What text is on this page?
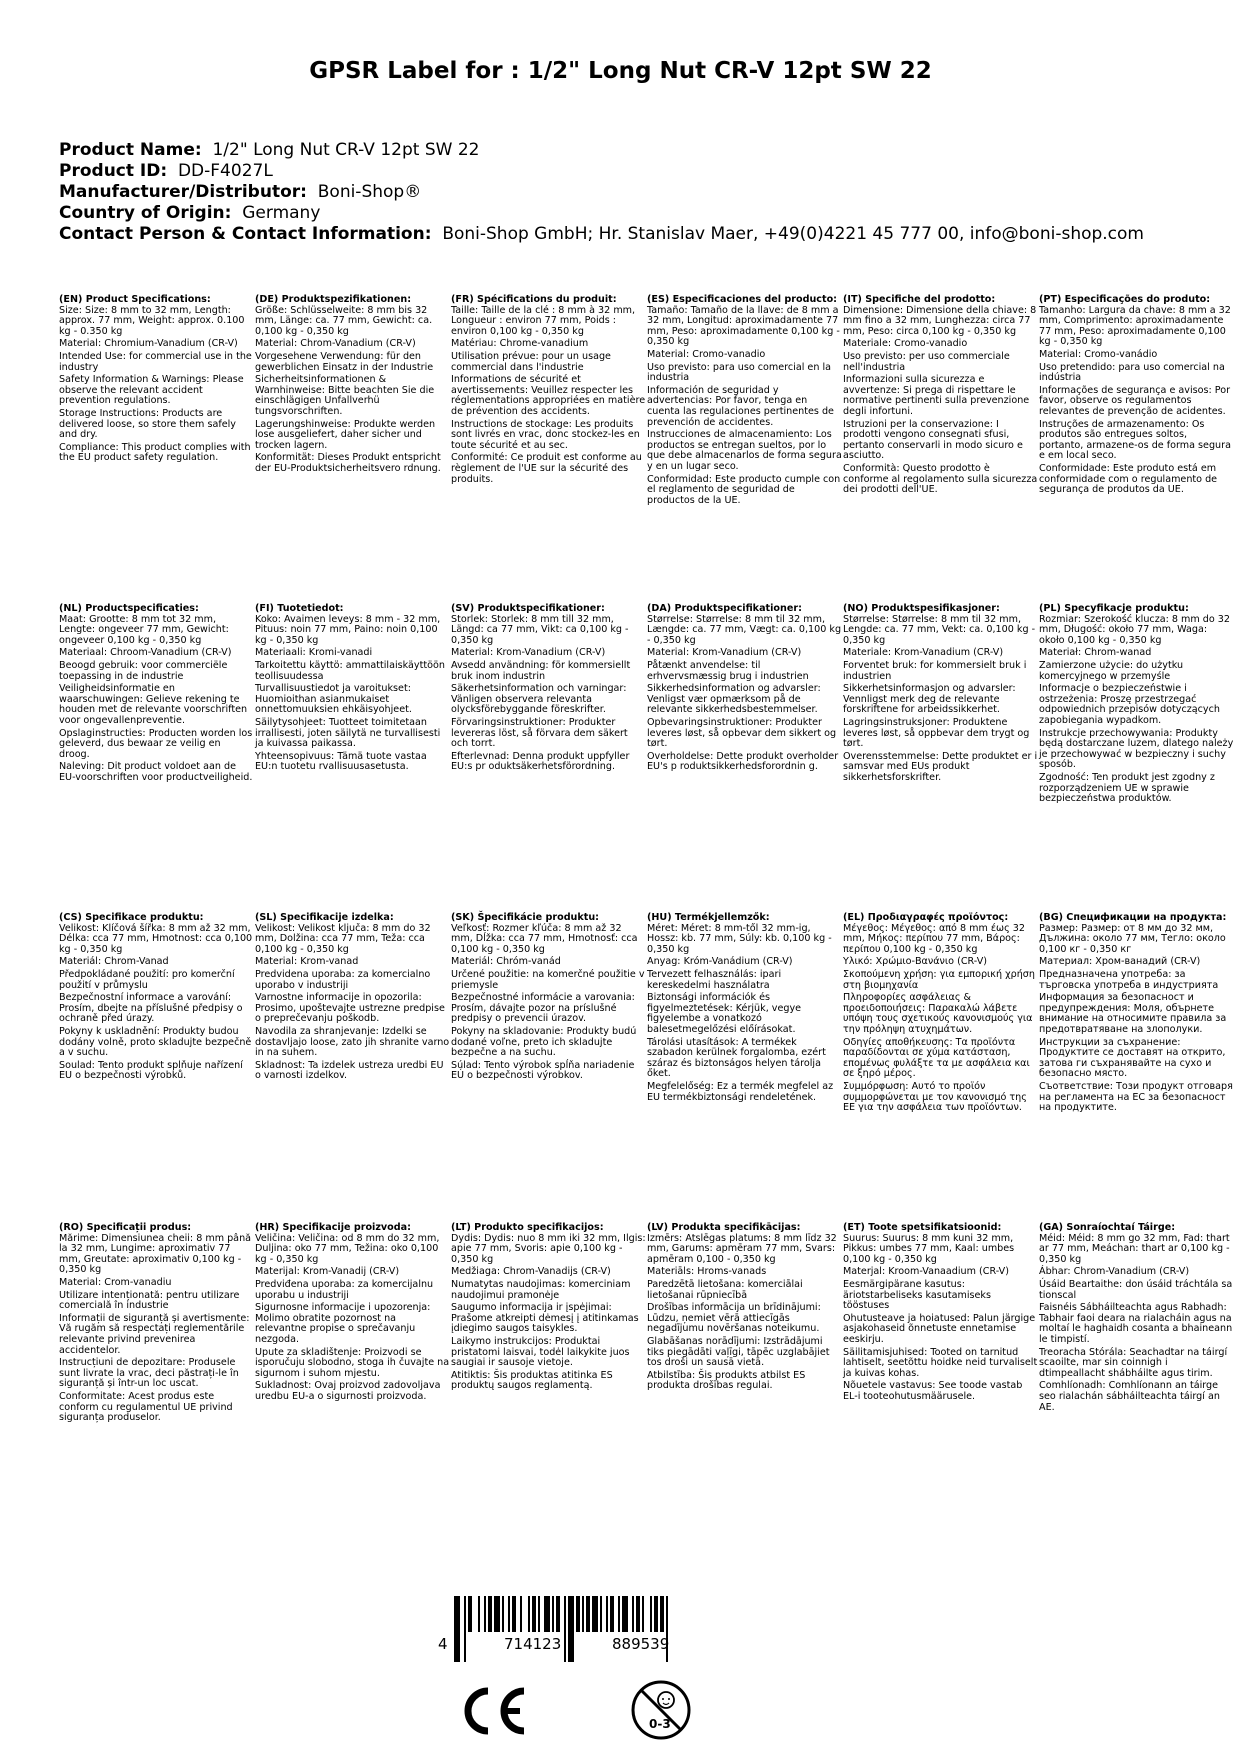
GPSR Label for : 1/2" Long Nut CR-V 12pt SW 22
Product Name: 1/2" Long Nut CR-V 12pt SW 22
Product ID: DD-F4027L
Manufacturer/Distributor: Boni-Shop®
Country of Origin: Germany
Contact Person & Contact Information: Boni-Shop GmbH; Hr. Stanislav Maer, +49(0)4221 45 777 00, info@boni-shop.com
(EN) Product Specifications:

Size: Size: 8 mm to 32 mm, Length: approx. 77 mm, Weight: approx. 0.100 kg - 0.350 kg

Material: Chromium-Vanadium (CR-V)

Intended Use: for commercial use in the industry

Safety Information & Warnings: Please observe the relevant accident prevention regulations.

Storage Instructions: Products are delivered loose, so store them safely and dry.

Compliance: This product complies with the EU product safety regulation.

(DE) Produktspezifikationen:

Größe: Schlüsselweite: 8 mm bis 32 mm, Länge: ca. 77 mm, Gewicht: ca. 0,100 kg - 0,350 kg

Material: Chrom-Vanadium (CR-V)

Vorgesehene Verwendung: für den gewerblichen Einsatz in der Industrie

Sicherheitsinformationen & Warnhinweise: Bitte beachten Sie die einschlägigen Unfallverhü tungsvorschriften.

Lagerungshinweise: Produkte werden lose ausgeliefert, daher sicher und trocken lagern.

Konformität: Dieses Produkt entspricht der EU-Produktsicherheitsvero rdnung.

(FR) Spécifications du produit:

Taille: Taille de la clé : 8 mm à 32 mm, Longueur : environ 77 mm, Poids : environ 0,100 kg - 0,350 kg

Matériau: Chrome-vanadium

Utilisation prévue: pour un usage commercial dans l'industrie

Informations de sécurité et avertissements: Veuillez respecter les réglementations appropriées en matière de prévention des accidents.

Instructions de stockage: Les produits sont livrés en vrac, donc stockez-les en toute sécurité et au sec.

Conformité: Ce produit est conforme au règlement de l'UE sur la sécurité des produits.

(ES) Especificaciones del producto:

Tamaño: Tamaño de la llave: de 8 mm a 32 mm, Longitud: aproximadamente 77 mm, Peso: aproximadamente 0,100 kg - 0,350 kg

Material: Cromo-vanadio

Uso previsto: para uso comercial en la industria

Información de seguridad y advertencias: Por favor, tenga en cuenta las regulaciones pertinentes de prevención de accidentes.

Instrucciones de almacenamiento: Los productos se entregan sueltos, por lo que debe almacenarlos de forma segura y en un lugar seco.

Conformidad: Este producto cumple con el reglamento de seguridad de productos de la UE.

(IT) Specifiche del prodotto:

Dimensione: Dimensione della chiave: 8 mm fino a 32 mm, Lunghezza: circa 77 mm, Peso: circa 0,100 kg - 0,350 kg

Materiale: Cromo-vanadio

Uso previsto: per uso commerciale nell'industria

Informazioni sulla sicurezza e avvertenze: Si prega di rispettare le normative pertinenti sulla prevenzione degli infortuni.

Istruzioni per la conservazione: I prodotti vengono consegnati sfusi, pertanto conservarli in modo sicuro e asciutto.

Conformità: Questo prodotto è conforme al regolamento sulla sicurezza dei prodotti dell'UE.

(PT) Especificações do produto:

Tamanho: Largura da chave: 8 mm a 32 mm, Comprimento: aproximadamente 77 mm, Peso: aproximadamente 0,100 kg - 0,350 kg

Material: Cromo-vanádio

Uso pretendido: para uso comercial na indústria

Informações de segurança e avisos: Por favor, observe os regulamentos relevantes de prevenção de acidentes.

Instruções de armazenamento: Os produtos são entregues soltos, portanto, armazene-os de forma segura e em local seco.

Conformidade: Este produto está em conformidade com o regulamento de segurança de produtos da UE.

(NL) Productspecificaties:

Maat: Grootte: 8 mm tot 32 mm, Lengte: ongeveer 77 mm, Gewicht: ongeveer 0,100 kg - 0,350 kg

Materiaal: Chroom-Vanadium (CR-V)

Beoogd gebruik: voor commerciële toepassing in de industrie

Veiligheidsinformatie en waarschuwingen: Gelieve rekening te houden met de relevante voorschriften voor ongevallenpreventie.

Opslaginstructies: Producten worden los geleverd, dus bewaar ze veilig en droog.

Naleving: Dit product voldoet aan de EU-voorschriften voor productveiligheid.

(FI) Tuotetiedot:

Koko: Avaimen leveys: 8 mm - 32 mm, Pituus: noin 77 mm, Paino: noin 0,100 kg - 0,350 kg

Materiaali: Kromi-vanadi

Tarkoitettu käyttö: ammattilaiskäyttöön teollisuudessa

Turvallisuustiedot ja varoitukset: Huomioithan asianmukaiset onnettomuuksien ehkäisyohjeet.

Säilytysohjeet: Tuotteet toimitetaan irrallisesti, joten säilytä ne turvallisesti ja kuivassa paikassa.

Yhteensopivuus: Tämä tuote vastaa EU:n tuotetu rvallisuusasetusta.

(SV) Produktspecifikationer:

Storlek: Storlek: 8 mm till 32 mm, Längd: ca 77 mm, Vikt: ca 0,100 kg - 0,350 kg

Material: Krom-Vanadium (CR-V)

Avsedd användning: för kommersiellt bruk inom industrin

Säkerhetsinformation och varningar: Vänligen observera relevanta olycksförebyggande föreskrifter.

Förvaringsinstruktioner: Produkter levereras löst, så förvara dem säkert och torrt.

Efterlevnad: Denna produkt uppfyller EU:s pr oduktsäkerhetsförordning.

(DA) Produktspecifikationer:

Størrelse: Størrelse: 8 mm til 32 mm, Længde: ca. 77 mm, Vægt: ca. 0,100 kg - 0,350 kg

Material: Krom-Vanadium (CR-V)

Påtænkt anvendelse: til erhvervsmæssig brug i industrien

Sikkerhedsinformation og advarsler: Venligst vær opmærksom på de relevante sikkerhedsbestemmelser.

Opbevaringsinstruktioner: Produkter leveres løst, så opbevar dem sikkert og tørt.

Overholdelse: Dette produkt overholder EU's p roduktsikkerhedsforordnin g.

(NO) Produktspesifikasjoner:

Størrelse: Størrelse: 8 mm til 32 mm, Lengde: ca. 77 mm, Vekt: ca. 0,100 kg - 0,350 kg

Materiale: Krom-Vanadium (CR-V)

Forventet bruk: for kommersielt bruk i industrien

Sikkerhetsinformasjon og advarsler: Vennligst merk deg de relevante forskriftene for arbeidssikkerhet.

Lagringsinstruksjoner: Produktene leveres løst, så oppbevar dem trygt og tørt.

Overensstemmelse: Dette produktet er i samsvar med EUs produkt sikkerhetsforskrifter.

(PL) Specyfikacje produktu:

Rozmiar: Szerokość klucza: 8 mm do 32 mm, Długość: około 77 mm, Waga: około 0,100 kg - 0,350 kg

Materiał: Chrom-wanad

Zamierzone użycie: do użytku komercyjnego w przemyśle

Informacje o bezpieczeństwie i ostrzeżenia: Proszę przestrzegać odpowiednich przepisów dotyczących zapobiegania wypadkom.

Instrukcje przechowywania: Produkty będą dostarczane luzem, dlatego należy je przechowywać w bezpieczny i suchy sposób.

Zgodność: Ten produkt jest zgodny z rozporządzeniem UE w sprawie bezpieczeństwa produktów.

(CS) Specifikace produktu:

Velikost: Klíčová šířka: 8 mm až 32 mm, Délka: cca 77 mm, Hmotnost: cca 0,100 kg - 0,350 kg

Materiál: Chrom-Vanad

Předpokládané použití: pro komerční použití v průmyslu

Bezpečnostní informace a varování: Prosím, dbejte na příslušné předpisy o ochraně před úrazy.

Pokyny k uskladnění: Produkty budou dodány volně, proto skladujte bezpečně a v suchu.

Soulad: Tento produkt splňuje nařízení EU o bezpečnosti výrobků.

(SL) Specifikacije izdelka:

Velikost: Velikost ključa: 8 mm do 32 mm, Dolžina: cca 77 mm, Teža: cca 0,100 kg - 0,350 kg

Material: Krom-vanad

Predvidena uporaba: za komercialno uporabo v industriji

Varnostne informacije in opozorila: Prosimo, upoštevajte ustrezne predpise o preprečevanju poškodb.

Navodila za shranjevanje: Izdelki se dostavljajo loose, zato jih shranite varno in na suhem.

Skladnost: Ta izdelek ustreza uredbi EU o varnosti izdelkov.

(SK) Špecifikácie produktu:

Veľkosť: Rozmer kľúča: 8 mm až 32 mm, Dĺžka: cca 77 mm, Hmotnosť: cca 0,100 kg - 0,350 kg

Materiál: Chróm-vanád

Určené použitie: na komerčné použitie v priemysle

Bezpečnostné informácie a varovania: Prosím, dávajte pozor na príslušné predpisy o prevencii úrazov.

Pokyny na skladovanie: Produkty budú dodané voľne, preto ich skladujte bezpečne a na suchu.

Súlad: Tento výrobok spĺňa nariadenie EÚ o bezpečnosti výrobkov.

(HU) Termékjellemzők:

Méret: Méret: 8 mm-től 32 mm-ig, Hossz: kb. 77 mm, Súly: kb. 0,100 kg - 0,350 kg

Anyag: Króm-Vanádium (CR-V)

Tervezett felhasználás: ipari kereskedelmi használatra

Biztonsági információk és figyelmeztetések: Kérjük, vegye figyelembe a vonatkozó balesetmegelőzési előírásokat.

Tárolási utasítások: A termékek szabadon kerülnek forgalomba, ezért száraz és biztonságos helyen tárolja őket.

Megfelelőség: Ez a termék megfelel az EU termékbiztonsági rendeletének.

(EL) Προδιαγραφές προϊόντος:

Μέγεθος: Μέγεθος: από 8 mm έως 32 mm, Μήκος: περίπου 77 mm, Βάρος: περίπου 0,100 kg - 0,350 kg

Υλικό: Χρώμιο-Βανάνιο (CR-V)

Σκοπούμενη χρήση: για εμπορική χρήση στη βιομηχανία

Πληροφορίες ασφάλειας & προειδοποιήσεις: Παρακαλώ λάβετε υπόψη τους σχετικούς κανονισμούς για την πρόληψη ατυχημάτων.

Οδηγίες αποθήκευσης: Τα προϊόντα παραδίδονται σε χύμα κατάσταση, επομένως φυλάξτε τα με ασφάλεια και σε ξηρό μέρος.

Συμμόρφωση: Αυτό το προϊόν συμμορφώνεται με τον κανονισμό της ΕΕ για την ασφάλεια των προϊόντων.

(BG) Спецификации на продукта:

Размер: Размер: от 8 мм до 32 мм, Дължина: около 77 мм, Тегло: около 0,100 кг - 0,350 кг

Материал: Хром-ванадий (CR-V)

Предназначена употреба: за търговска употреба в индустрията

Информация за безопасност и предупреждения: Моля, обърнете внимание на относимите правила за предотвратяване на злополуки.

Инструкции за съхранение: Продуктите се доставят на открито, затова ги съхранявайте на сухо и безопасно място.

Съответствие: Този продукт отговаря на регламента на ЕС за безопасност на продуктите.

(RO) Specificații produs:

Mărime: Dimensiunea cheii: 8 mm până la 32 mm, Lungime: aproximativ 77 mm, Greutate: aproximativ 0,100 kg - 0,350 kg

Material: Crom-vanadiu

Utilizare intenționată: pentru utilizare comercială în industrie

Informații de siguranță și avertismente: Vă rugăm să respectați reglementările relevante privind prevenirea accidentelor.

Instrucțiuni de depozitare: Produsele sunt livrate la vrac, deci păstrați-le în siguranță și într-un loc uscat.

Conformitate: Acest produs este conform cu regulamentul UE privind siguranța produselor.

(HR) Specifikacije proizvoda:

Veličina: Veličina: od 8 mm do 32 mm, Duljina: oko 77 mm, Težina: oko 0,100 kg - 0,350 kg

Materijal: Krom-Vanadij (CR-V)

Predviđena uporaba: za komercijalnu uporabu u industriji

Sigurnosne informacije i upozorenja: Molimo obratite pozornost na relevantne propise o sprečavanju nezgoda.

Upute za skladištenje: Proizvodi se isporučuju slobodno, stoga ih čuvajte na sigurnom i suhom mjestu.

Sukladnost: Ovaj proizvod zadovoljava uredbu EU-a o sigurnosti proizvoda.

(LT) Produkto specifikacijos:

Dydis: Dydis: nuo 8 mm iki 32 mm, Ilgis: apie 77 mm, Svoris: apie 0,100 kg - 0,350 kg

Medžiaga: Chrom-Vanadijs (CR-V)

Numatytas naudojimas: komerciniam naudojimui pramonėje

Saugumo informacija ir įspėjimai: Prašome atkreipti dėmesį į atitinkamas įdiegimo saugos taisykles.

Laikymo instrukcijos: Produktai pristatomi laisvai, todėl laikykite juos saugiai ir sausoje vietoje.

Atitiktis: Šis produktas atitinka ES produktų saugos reglamentą.

(LV) Produkta specifikācijas:

Izmērs: Atslēgas platums: 8 mm līdz 32 mm, Garums: apmēram 77 mm, Svars: apmēram 0,100 - 0,350 kg

Materiāls: Hroms-vanads

Paredzētā lietošana: komerciālai lietošanai rūpniecībā

Drošības informācija un brīdinājumi: Lūdzu, ņemiet vērā attiecīgās negadījumu novēršanas noteikumu.

Glabāšanas norādījumi: Izstrādājumi tiks piegādāti vaļīgi, tāpēc uzglabājiet tos droši un sausā vietā.

Atbilstība: Šis produkts atbilst ES produkta drošības regulai.

(ET) Toote spetsifikatsioonid:

Suurus: Suurus: 8 mm kuni 32 mm, Pikkus: umbes 77 mm, Kaal: umbes 0,100 kg - 0,350 kg

Materjal: Kroom-Vanaadium (CR-V)

Eesmärgipärane kasutus: äriotstarbeliseks kasutamiseks tööstuses

Ohutusteave ja hoiatused: Palun järgige asjakohaseid õnnetuste ennetamise eeskirju.

Säilitamisjuhised: Tooted on tarnitud lahtiselt, seetõttu hoidke neid turvaliselt ja kuivas kohas.

Nõuetele vastavus: See toode vastab EL-i tooteohutusmäärusele.

(GA) Sonraíochtaí Táirge:

Méid: Méid: 8 mm go 32 mm, Fad: thart ar 77 mm, Meáchan: thart ar 0,100 kg - 0,350 kg

Ábhar: Chrom-Vanadium (CR-V)

Úsáid Beartaithe: don úsáid tráchtála sa tionscal

Faisnéis Sábháilteachta agus Rabhadh: Tabhair faoi deara na rialacháin agus na moltaí le haghaidh cosanta a bhaineann le timpistí.

Treoracha Stórála: Seachadtar na táirgí scaoilte, mar sin coinnigh i dtimpeallacht shábháilte agus tirim.

Comhlíonadh: Comhlíonann an táirge seo rialachán sábháilteachta táirgí an AE.

4	714123	889539
0-3
